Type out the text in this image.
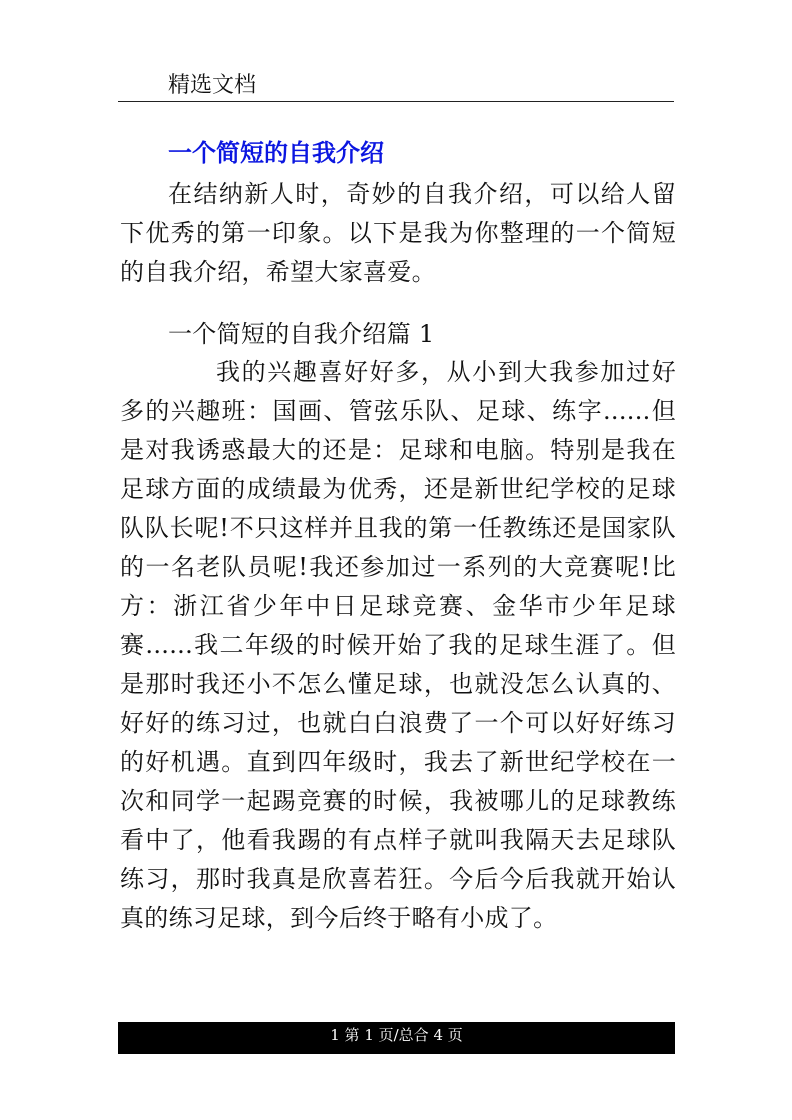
精选文档
一个简短的自我介绍
在结纳新人时，奇妙的自我介绍，可以给人留下优秀的第一印象。以下是我为你整理的一个简短的自我介绍，希望大家喜爱。
一个简短的自我介绍篇 1
我的兴趣喜好好多，从小到大我参加过好多的兴趣班：国画、管弦乐队、足球、练字......但是对我诱惑最大的还是：足球和电脑。特别是我在足球方面的成绩最为优秀，还是新世纪学校的足球队队长呢!不只这样并且我的第一任教练还是国家队的一名老队员呢!我还参加过一系列的大竞赛呢!比方：浙江省少年中日足球竞赛、金华市少年足球赛......我二年级的时候开始了我的足球生涯了。但是那时我还小不怎么懂足球，也就没怎么认真的、好好的练习过，也就白白浪费了一个可以好好练习的好机遇。直到四年级时，我去了新世纪学校在一次和同学一起踢竞赛的时候，我被哪儿的足球教练看中了，他看我踢的有点样子就叫我隔天去足球队练习，那时我真是欣喜若狂。今后今后我就开始认真的练习足球，到今后终于略有小成了。
1 第 1 页/总合 4 页
